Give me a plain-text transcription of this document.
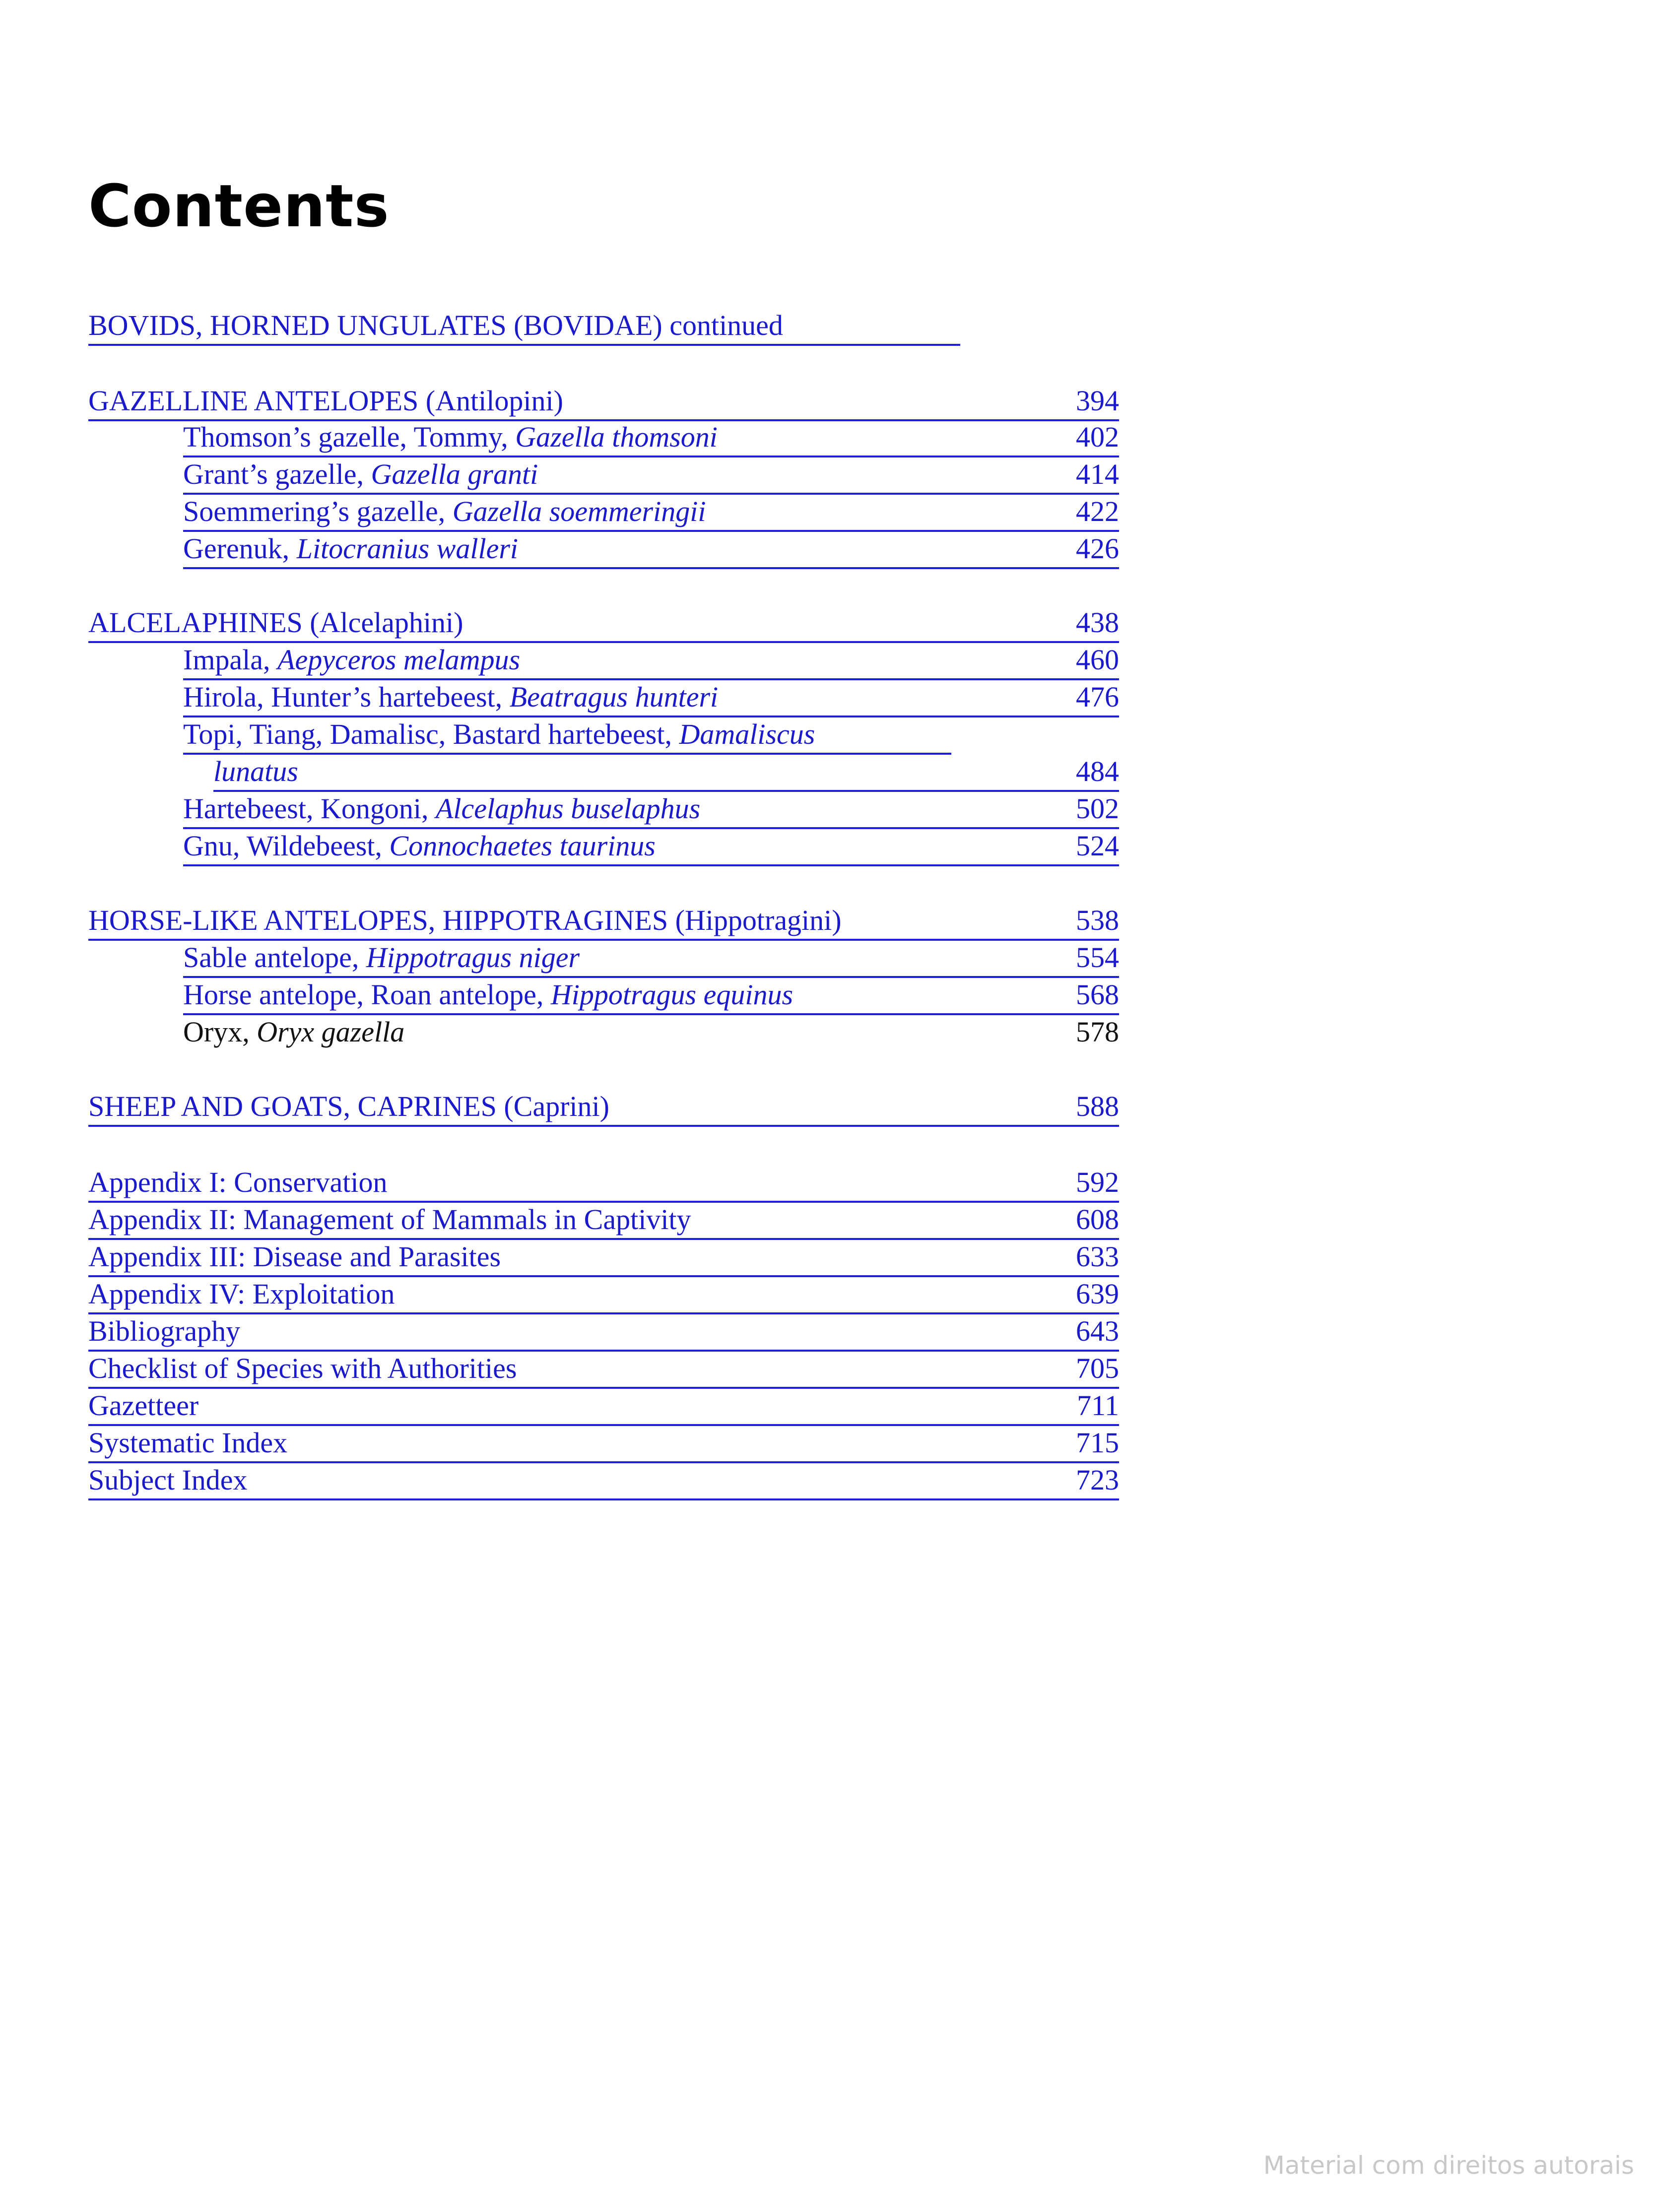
Contents
BOVIDS, HORNED UNGULATES (BOVIDAE) continued
GAZELLINE ANTELOPES (Antilopini)	394
Thomson’s gazelle, Tommy, Gazella thomsoni	402
Grant’s gazelle, Gazella granti	414
Soemmering’s gazelle, Gazella soemmeringii	422
Gerenuk, Litocranius walleri	426
ALCELAPHINES (Alcelaphini)	438
Impala, Aepyceros melampus	460
Hirola, Hunter’s hartebeest, Beatragus hunteri	476
Topi, Tiang, Damalisc, Bastard hartebeest, Damaliscus
lunatus	484
Hartebeest, Kongoni, Alcelaphus buselaphus	502
Gnu, Wildebeest, Connochaetes taurinus	524
HORSE-LIKE ANTELOPES, HIPPOTRAGINES (Hippotragini)	538
Sable antelope, Hippotragus niger	554
Horse antelope, Roan antelope, Hippotragus equinus	568
Oryx, Oryx gazella	578
SHEEP AND GOATS, CAPRINES (Caprini)	588
Appendix I: Conservation	592
Appendix II: Management of Mammals in Captivity	608
Appendix III: Disease and Parasites	633
Appendix IV: Exploitation	639
Bibliography	643
Checklist of Species with Authorities	705
Gazetteer	711
Systematic Index	715
Subject Index	723
Material com direitos autorais
